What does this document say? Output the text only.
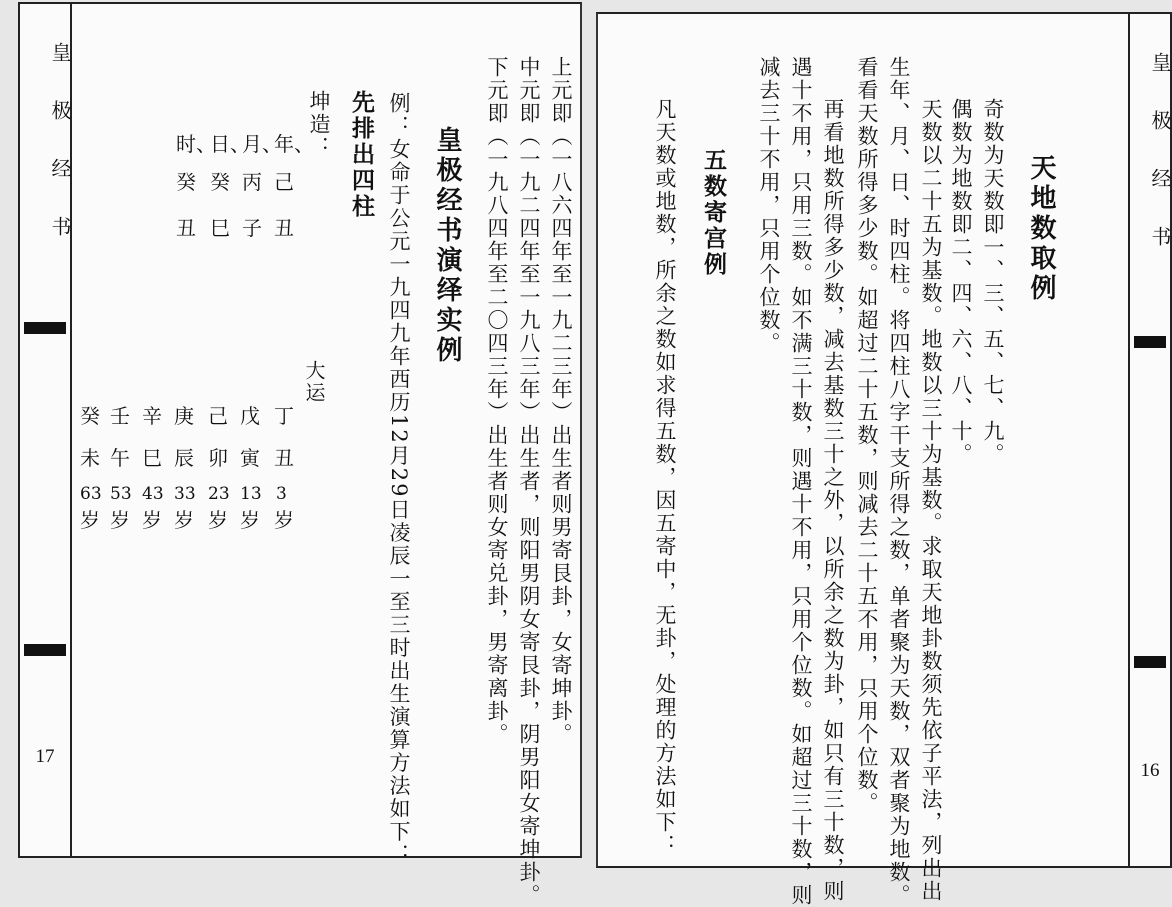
皇极经书
17
上元即（一八六四年至一九二三年）出生者则男寄艮卦，女寄坤卦。
中元即（一九二四年至一九八三年）出生者，则阳男阴女寄艮卦，阴男阳女寄坤卦。
下元即（一九八四年至二〇四三年）出生者则女寄兑卦，男寄离卦。
皇极经书演绎实例
例：女命于公元一九四九年西历12月29日凌辰一至三时出生演算方法如下：
先排出四柱
坤造：
年、
己
丑
月、
丙
子
日、
癸
巳
时、
癸
丑
大运
丁
丑
3
岁
戊
寅
13
岁
己
卯
23
岁
庚
辰
33
岁
辛
巳
43
岁
壬
午
53
岁
癸
未
63
岁
皇极经书
16
天地数取例
奇数为天数即一、三、五、七、九。
偶数为地数即二、四、六、八、十。
天数以二十五为基数。地数以三十为基数。求取天地卦数须先依子平法，列出出
生年、月、日、时四柱。将四柱八字干支所得之数，单者聚为天数，双者聚为地数。
看看天数所得多少数。如超过二十五数，则减去二十五不用，只用个位数。
再看地数所得多少数，减去基数三十之外，以所余之数为卦，如只有三十数，则
遇十不用，只用三数。如不满三十数，则遇十不用，只用个位数。如超过三十数，则
减去三十不用，只用个位数。
五数寄宫例
凡天数或地数，所余之数如求得五数，因五寄中，无卦，处理的方法如下：
